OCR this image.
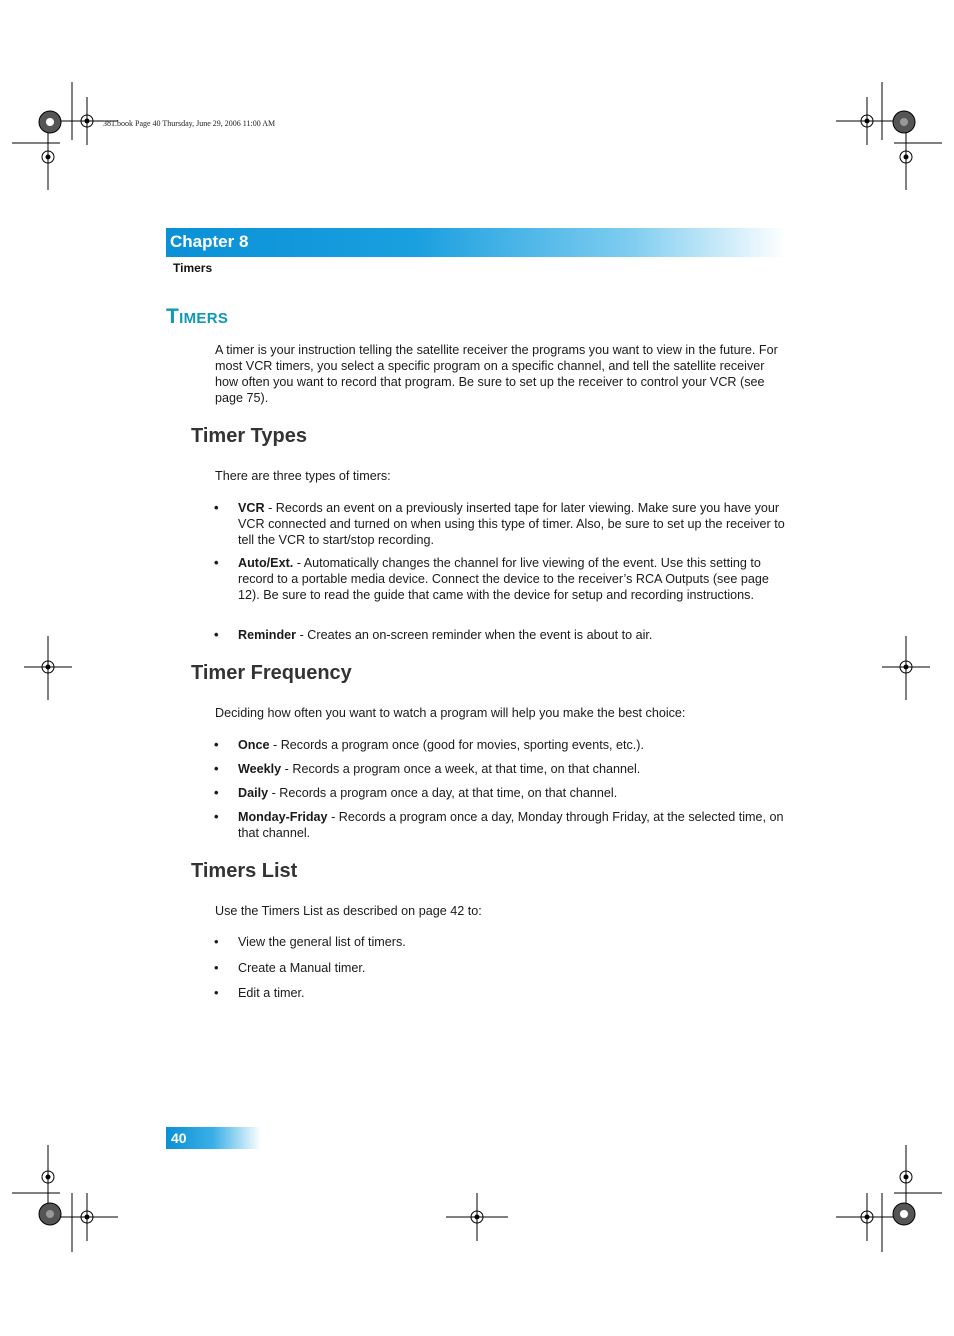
381.book Page 40 Thursday, June 29, 2006 11:00 AM
Chapter 8
Timers
Timers
A timer is your instruction telling the satellite receiver the programs you want to view in the future. For most VCR timers, you select a specific program on a specific channel, and tell the satellite receiver how often you want to record that program. Be sure to set up the receiver to control your VCR (see page 75).
Timer Types
There are three types of timers:
• VCR - Records an event on a previously inserted tape for later viewing. Make sure you have your VCR connected and turned on when using this type of timer. Also, be sure to set up the receiver to tell the VCR to start/stop recording.
• Auto/Ext. - Automatically changes the channel for live viewing of the event. Use this setting to record to a portable media device. Connect the device to the receiver’s RCA Outputs (see page 12). Be sure to read the guide that came with the device for setup and recording instructions.
• Reminder - Creates an on-screen reminder when the event is about to air.
Timer Frequency
Deciding how often you want to watch a program will help you make the best choice:
• Once - Records a program once (good for movies, sporting events, etc.).
• Weekly - Records a program once a week, at that time, on that channel.
• Daily - Records a program once a day, at that time, on that channel.
• Monday-Friday - Records a program once a day, Monday through Friday, at the selected time, on that channel.
Timers List
Use the Timers List as described on page 42 to:
• View the general list of timers.
• Create a Manual timer.
• Edit a timer.
40
